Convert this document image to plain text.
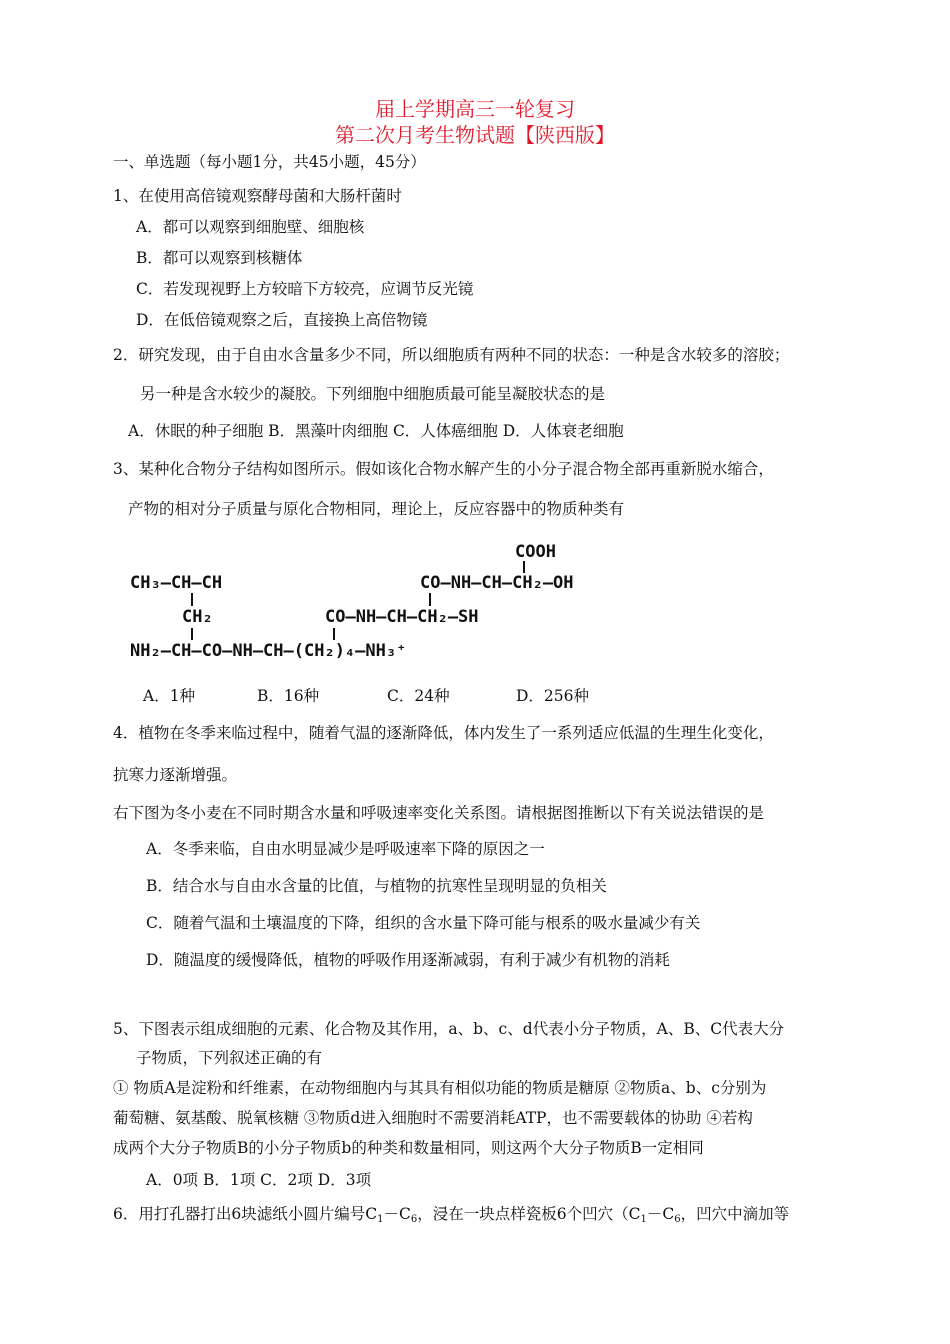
届上学期高三一轮复习
第二次月考生物试题【陕西版】
一、单选题（每小题1分，共45小题，45分）
1、在使用高倍镜观察酵母菌和大肠杆菌时
A．都可以观察到细胞壁、细胞核
B．都可以观察到核糖体
C．若发现视野上方较暗下方较亮，应调节反光镜
D．在低倍镜观察之后，直接换上高倍物镜
2．研究发现，由于自由水含量多少不同，所以细胞质有两种不同的状态：一种是含水较多的溶胶；
另一种是含水较少的凝胶。下列细胞中细胞质最可能呈凝胶状态的是
A．休眠的种子细胞 B．黑藻叶肉细胞 C．人体癌细胞 D．人体衰老细胞
3、某种化合物分子结构如图所示。假如该化合物水解产生的小分子混合物全部再重新脱水缩合，
产物的相对分子质量与原化合物相同，理论上，反应容器中的物质种类有
COOH
CH₃—CH—CH	CO—NH—CH—CH₂—OH
CH₂	CO—NH—CH—CH₂—SH
NH₂—CH—CO—NH—CH—(CH₂)₄—NH₃⁺
A．1种	B．16种	C．24种	D．256种
4．植物在冬季来临过程中，随着气温的逐渐降低，体内发生了一系列适应低温的生理生化变化，
抗寒力逐渐增强。
右下图为冬小麦在不同时期含水量和呼吸速率变化关系图。请根据图推断以下有关说法错误的是
A．冬季来临，自由水明显减少是呼吸速率下降的原因之一
B．结合水与自由水含量的比值，与植物的抗寒性呈现明显的负相关
C．随着气温和土壤温度的下降，组织的含水量下降可能与根系的吸水量减少有关
D．随温度的缓慢降低，植物的呼吸作用逐渐减弱，有利于减少有机物的消耗
5、下图表示组成细胞的元素、化合物及其作用，a、b、c、d代表小分子物质，A、B、C代表大分
子物质，下列叙述正确的有
① 物质A是淀粉和纤维素，在动物细胞内与其具有相似功能的物质是糖原 ②物质a、b、c分别为
葡萄糖、氨基酸、脱氧核糖 ③物质d进入细胞时不需要消耗ATP，也不需要载体的协助 ④若构
成两个大分子物质B的小分子物质b的种类和数量相同，则这两个大分子物质B一定相同
A．0项 B．1项 C．2项 D．3项
6．用打孔器打出6块滤纸小圆片编号$C_1-C_6$，浸在一块点样瓷板6个凹穴（$C_1-C_6$，凹穴中滴加等
